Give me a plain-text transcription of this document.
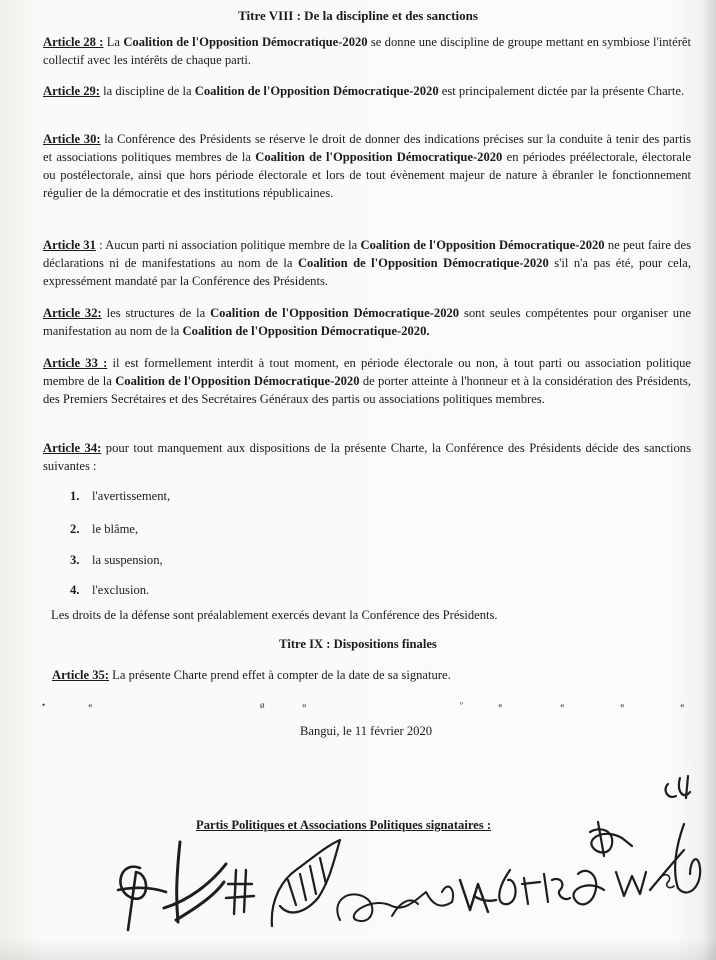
Titre VIII : De la discipline et des sanctions
Article 28 : La Coalition de l'Opposition Démocratique-2020 se donne une discipline de groupe mettant en symbiose l'intérêt collectif avec les intérêts de chaque parti.
Article 29: la discipline de la Coalition de l'Opposition Démocratique-2020 est principalement dictée par la présente Charte.
Article 30: la Conférence des Présidents se réserve le droit de donner des indications précises sur la conduite à tenir des partis et associations politiques membres de la Coalition de l'Opposition Démocratique-2020 en périodes préélectorale, électorale ou postélectorale, ainsi que hors période électorale et lors de tout évènement majeur de nature à ébranler le fonctionnement régulier de la démocratie et des institutions républicaines.
Article 31 : Aucun parti ni association politique membre de la Coalition de l'Opposition Démocratique-2020 ne peut faire des déclarations ni de manifestations au nom de la Coalition de l'Opposition Démocratique-2020 s'il n'a pas été, pour cela, expressément mandaté par la Conférence des Présidents.
Article 32: les structures de la Coalition de l'Opposition Démocratique-2020 sont seules compétentes pour organiser une manifestation au nom de la Coalition de l'Opposition Démocratique-2020.
Article 33 : il est formellement interdit à tout moment, en période électorale ou non, à tout parti ou association politique membre de la Coalition de l'Opposition Démocratique-2020 de porter atteinte à l'honneur et à la considération des Présidents, des Premiers Secrétaires et des Secrétaires Généraux des partis ou associations politiques membres.
Article 34: pour tout manquement aux dispositions de la présente Charte, la Conférence des Présidents décide des sanctions suivantes :
1. l'avertissement,
2. le blâme,
3. la suspension,
4. l'exclusion.
Les droits de la défense sont préalablement exercés devant la Conférence des Présidents.
Titre IX : Dispositions finales
Article 35: La présente Charte prend effet à compter de la date de sa signature.
•	«	ø	«	º	«	«	«	«
Bangui, le 11 février 2020
Partis Politiques et Associations Politiques signataires :
